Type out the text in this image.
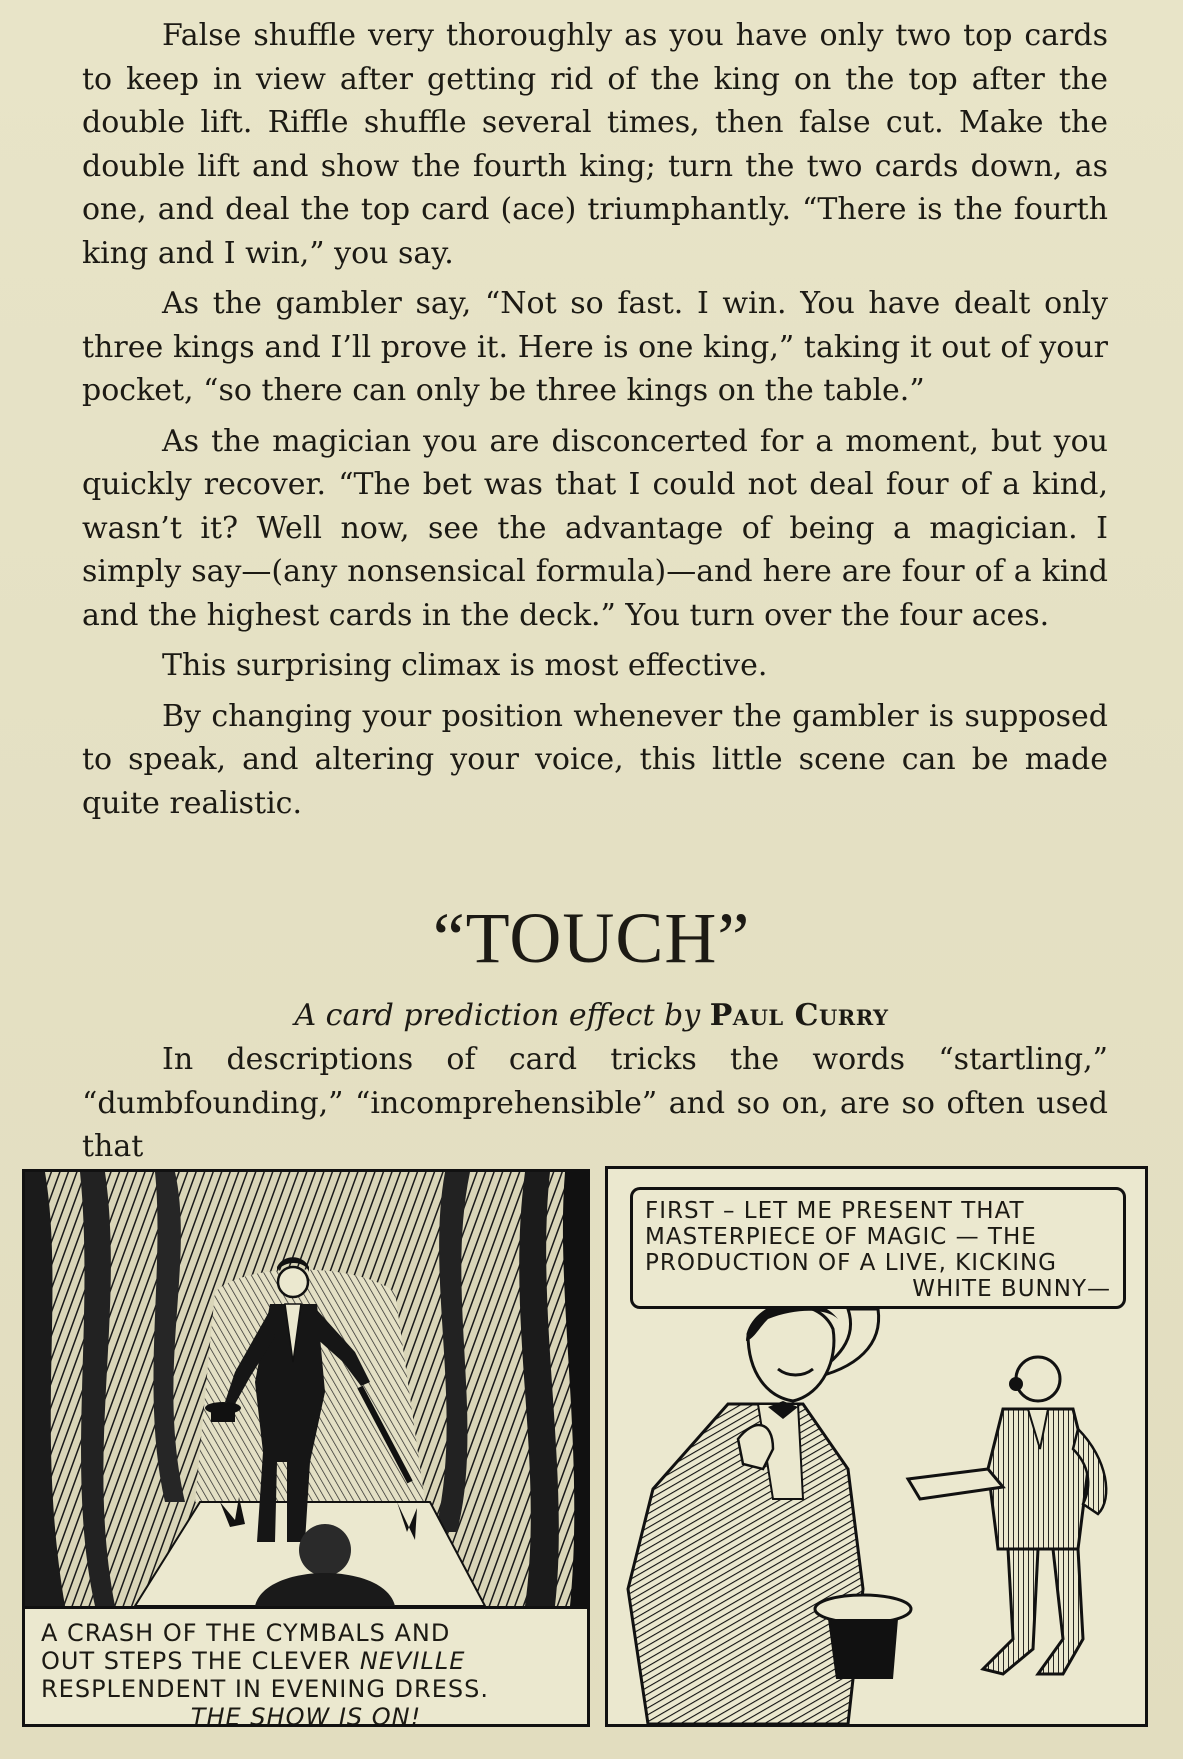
False shuffle very thoroughly as you have only two top cards to keep in view after getting rid of the king on the top after the double lift. Riffle shuffle several times, then false cut. Make the double lift and show the fourth king; turn the two cards down, as one, and deal the top card (ace) triumphantly. “There is the fourth king and I win,” you say.

As the gambler say, “Not so fast. I win. You have dealt only three kings and I’ll prove it. Here is one king,” taking it out of your pocket, “so there can only be three kings on the table.”

As the magician you are disconcerted for a moment, but you quickly recover. “The bet was that I could not deal four of a kind, wasn’t it? Well now, see the advantage of being a magician. I simply say—(any nonsensical formula)—and here are four of a kind and the highest cards in the deck.” You turn over the four aces.

This surprising climax is most effective.

By changing your position whenever the gambler is supposed to speak, and altering your voice, this little scene can be made quite realistic.

“TOUCH”
A card prediction effect by Paul Curry

In descriptions of card tricks the words “startling,” “dumbfounding,” “incomprehensible” and so on, are so often used that

A CRASH OF THE CYMBALS AND
OUT STEPS THE CLEVER NEVILLE
RESPLENDENT IN EVENING DRESS.
THE SHOW IS ON!
FIRST – LET ME PRESENT THAT
MASTERPIECE OF MAGIC — THE
PRODUCTION OF A LIVE, KICKING
WHITE BUNNY—
